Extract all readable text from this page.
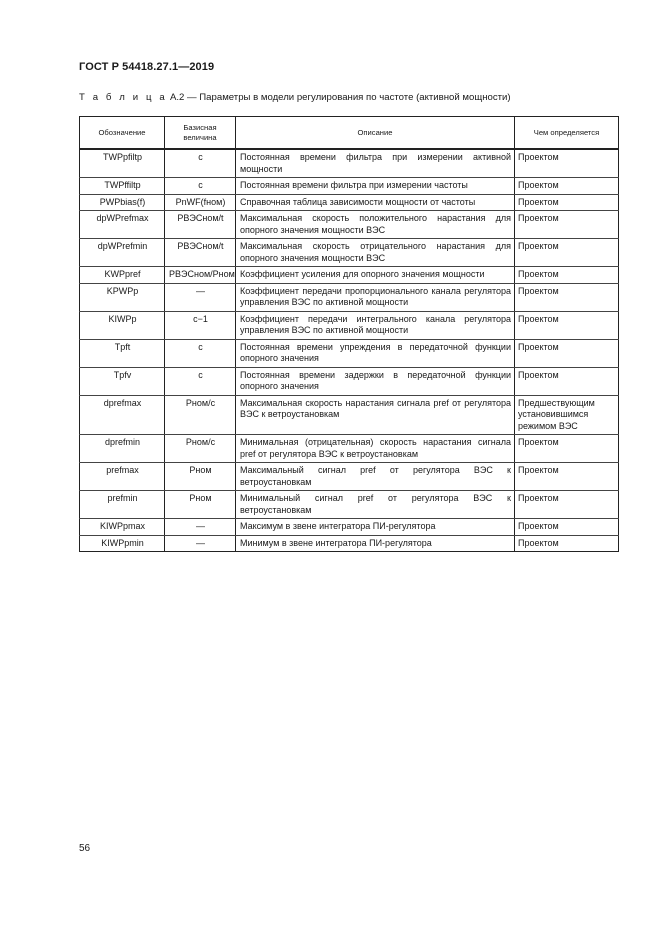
ГОСТ Р 54418.27.1—2019
Т а б л и ц а А.2 — Параметры в модели регулирования по частоте (активной мощности)
Обозначение	Базисная величина	Описание	Чем определяется
TWPpfiltp	с	Постоянная времени фильтра при измерении активной мощности	Проектом
TWPffiltp	с	Постоянная времени фильтра при измерении частоты	Проектом
PWPbias(f)	PnWF(fном)	Справочная таблица зависимости мощности от частоты	Проектом
dpWPrefmax	PВЭСном/t	Максимальная скорость положительного нарастания для опорного значения мощности ВЭС	Проектом
dpWPrefmin	PВЭСном/t	Максимальная скорость отрицательного нарастания для опорного значения мощности ВЭС	Проектом
KWPpref	PВЭСном/Pном	Коэффициент усиления для опорного значения мощности	Проектом
KPWPp	—	Коэффициент передачи пропорционального канала регулятора управления ВЭС по активной мощности	Проектом
KIWPp	с−1	Коэффициент передачи интегрального канала регулятора управления ВЭС по активной мощности	Проектом
Tpft	с	Постоянная времени упреждения в передаточной функции опорного значения	Проектом
Tpfv	с	Постоянная времени задержки в передаточной функции опорного значения	Проектом
dprefmax	Pном/с	Максимальная скорость нарастания сигнала pref от регулятора ВЭС к ветроустановкам	Предшествующим установившимся режимом ВЭС
dprefmin	Pном/с	Минимальная (отрицательная) скорость нарастания сигнала pref от регулятора ВЭС к ветроустановкам	Проектом
prefmax	Pном	Максимальный сигнал pref от регулятора ВЭС к ветроустановкам	Проектом
prefmin	Pном	Минимальный сигнал pref от регулятора ВЭС к ветроустановкам	Проектом
KIWPpmax	—	Максимум в звене интегратора ПИ-регулятора	Проектом
KIWPpmin	—	Минимум в звене интегратора ПИ-регулятора	Проектом
56
